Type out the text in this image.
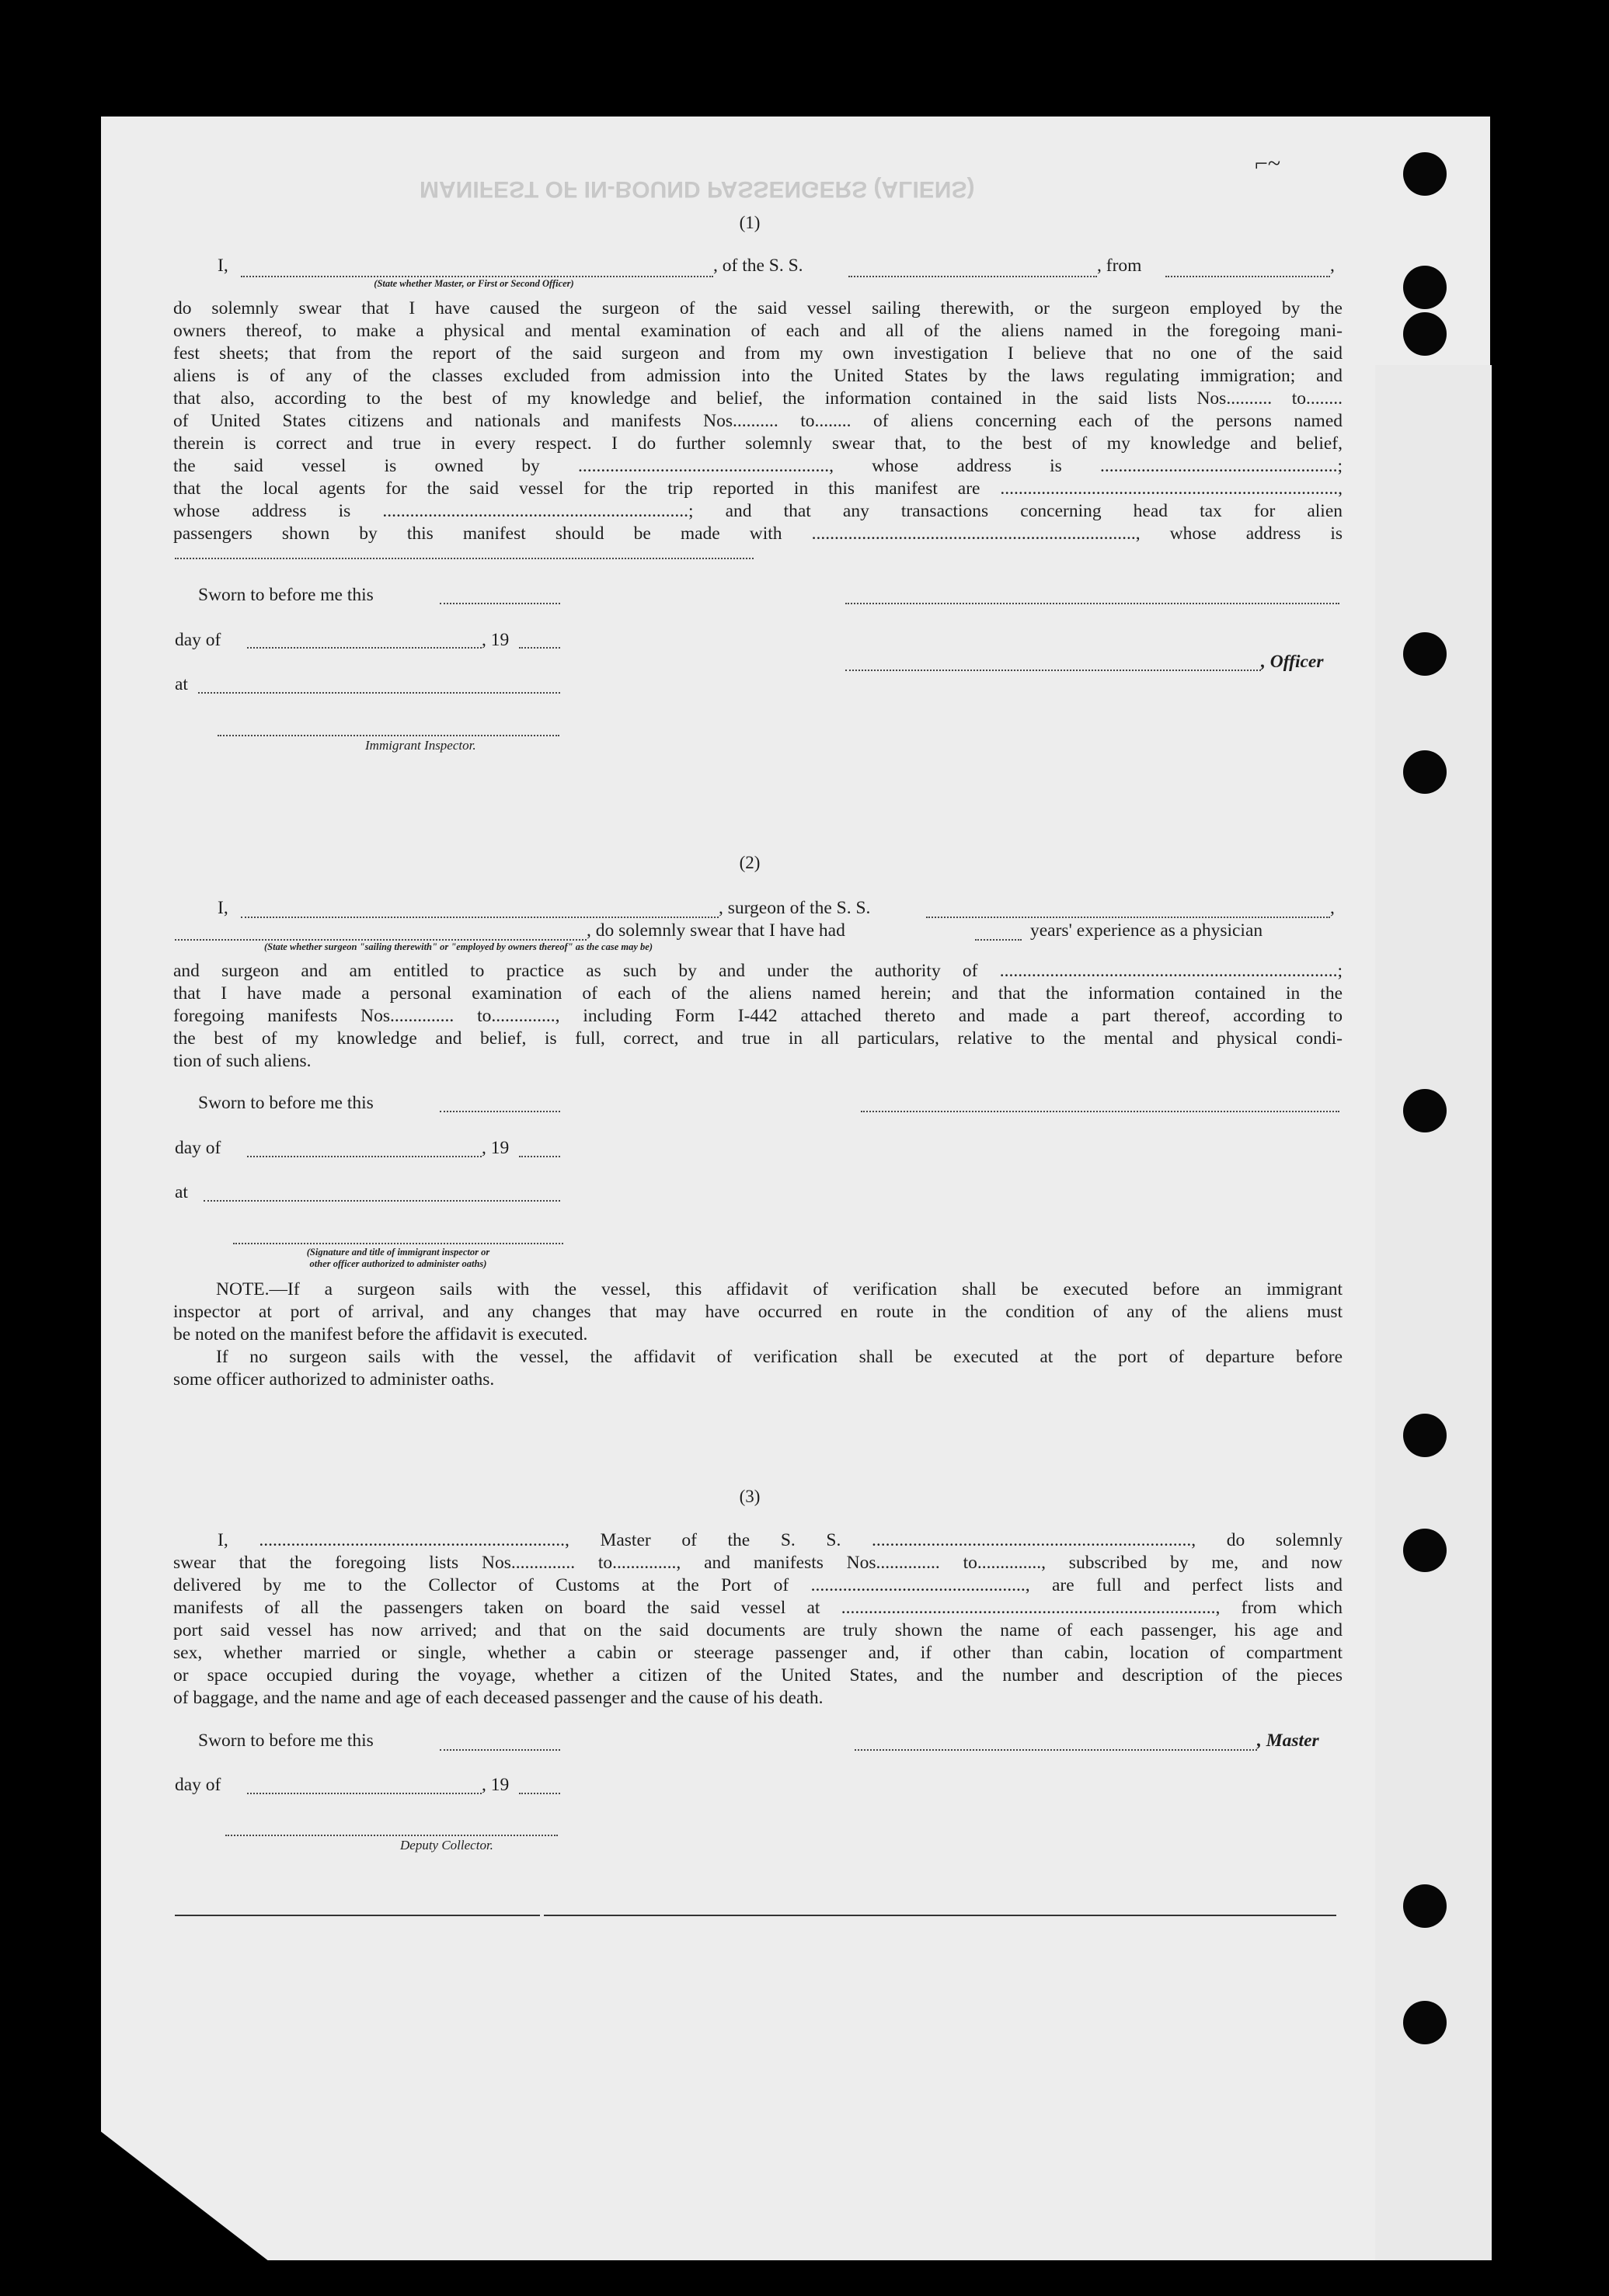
MANIFEST OF IN-BOUND PASSENGERS (ALIENS)
⌐~
(1)
I,	, of the S. S.	, from	,
(State whether Master, or First or Second Officer)
do solemnly swear that I have caused the surgeon of the said vessel sailing therewith, or the surgeon employed by the
owners thereof, to make a physical and mental examination of each and all of the aliens named in the foregoing mani-
fest sheets; that from the report of the said surgeon and from my own investigation I believe that no one of the said
aliens is of any of the classes excluded from admission into the United States by the laws regulating immigration; and
that also, according to the best of my knowledge and belief, the information contained in the said lists Nos.......... to........
of United States citizens and nationals and manifests Nos.......... to........ of aliens concerning each of the persons named
therein is correct and true in every respect. I do further solemnly swear that, to the best of my knowledge and belief,
the said vessel is owned by ......................................................., whose address is ....................................................;
that the local agents for the said vessel for the trip reported in this manifest are ..........................................................................,
whose address is ...................................................................; and that any transactions concerning head tax for alien
passengers shown by this manifest should be made with ......................................................................., whose address is
Sworn to before me this
day of	, 19
, Officer
at
Immigrant Inspector.
(2)
I,	, surgeon of the S. S.	,
, do solemnly swear that I have had	years' experience as a physician
(State whether surgeon "sailing therewith" or "employed by owners thereof" as the case may be)
and surgeon and am entitled to practice as such by and under the authority of ..........................................................................;
that I have made a personal examination of each of the aliens named herein; and that the information contained in the
foregoing manifests Nos.............. to.............., including Form I-442 attached thereto and made a part thereof, according to
the best of my knowledge and belief, is full, correct, and true in all particulars, relative to the mental and physical condi-
tion of such aliens.
Sworn to before me this
day of	, 19
at
(Signature and title of immigrant inspector or
other officer authorized to administer oaths)
NOTE.—If a surgeon sails with the vessel, this affidavit of verification shall be executed before an immigrant
inspector at port of arrival, and any changes that may have occurred en route in the condition of any of the aliens must
be noted on the manifest before the affidavit is executed.
If no surgeon sails with the vessel, the affidavit of verification shall be executed at the port of departure before
some officer authorized to administer oaths.
(3)
I, ..................................................................., Master of the S. S. ......................................................................, do solemnly
swear that the foregoing lists Nos.............. to.............., and manifests Nos.............. to.............., subscribed by me, and now
delivered by me to the Collector of Customs at the Port of ..............................................., are full and perfect lists and
manifests of all the passengers taken on board the said vessel at .................................................................................., from which
port said vessel has now arrived; and that on the said documents are truly shown the name of each passenger, his age and
sex, whether married or single, whether a cabin or steerage passenger and, if other than cabin, location of compartment
or space occupied during the voyage, whether a citizen of the United States, and the number and description of the pieces
of baggage, and the name and age of each deceased passenger and the cause of his death.
Sworn to before me this	, Master
day of	, 19
Deputy Collector.
